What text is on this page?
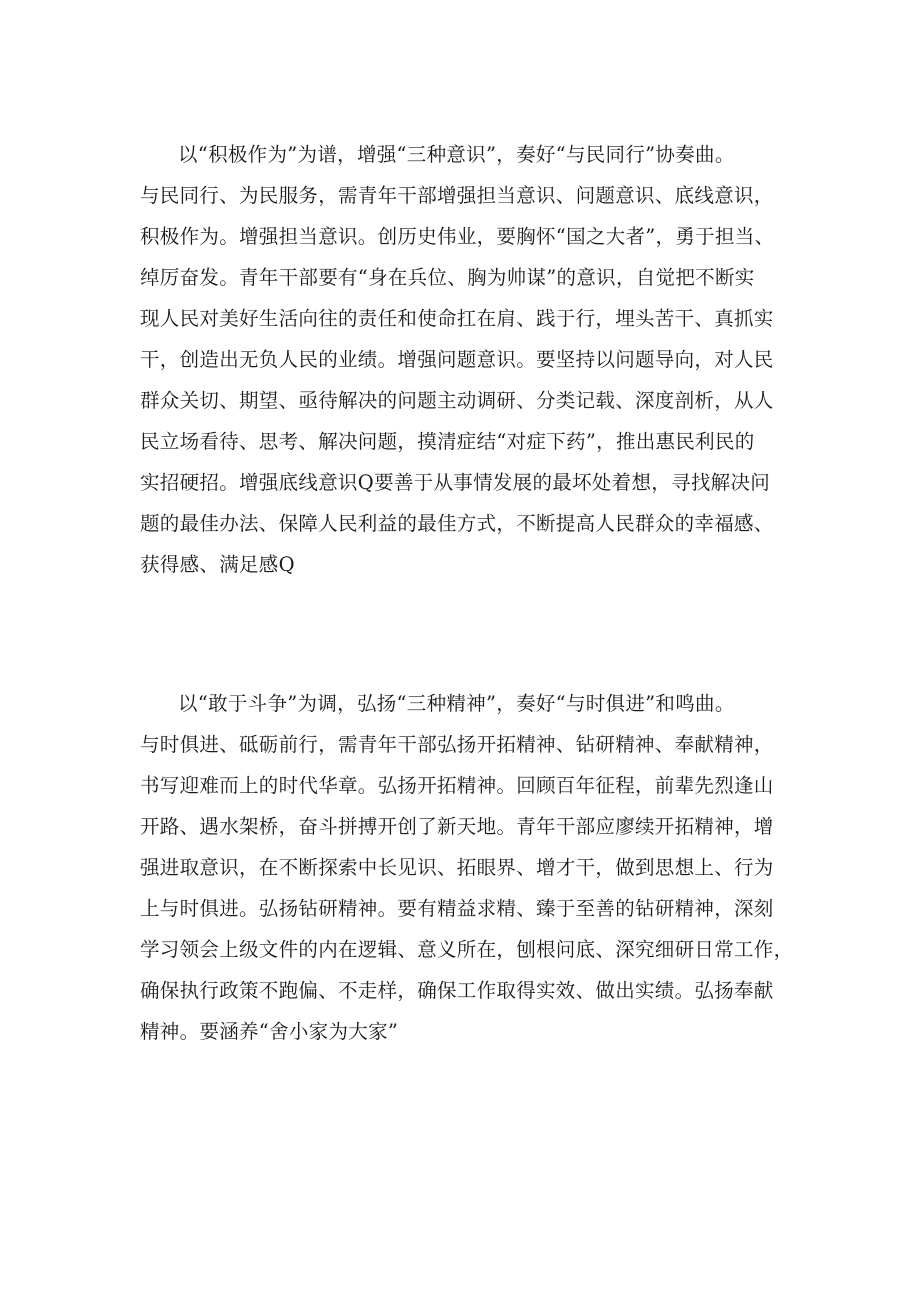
以“积极作为”为谱，增强“三种意识”，奏好“与民同行”协奏曲。
与民同行、为民服务，需青年干部增强担当意识、问题意识、底线意识，
积极作为。增强担当意识。创历史伟业，要胸怀“国之大者”，勇于担当、
绰厉奋发。青年干部要有“身在兵位、胸为帅谋”的意识，自觉把不断实
现人民对美好生活向往的责任和使命扛在肩、践于行，埋头苦干、真抓实
干，创造出无负人民的业绩。增强问题意识。要坚持以问题导向，对人民
群众关切、期望、亟待解决的问题主动调研、分类记载、深度剖析，从人
民立场看待、思考、解决问题，摸清症结“对症下药”，推出惠民利民的
实招硬招。增强底线意识Q要善于从事情发展的最坏处着想，寻找解决问
题的最佳办法、保障人民利益的最佳方式，不断提高人民群众的幸福感、
获得感、满足感Q
以“敢于斗争”为调，弘扬“三种精神”，奏好“与时俱进”和鸣曲。
与时俱进、砥砺前行，需青年干部弘扬开拓精神、钻研精神、奉献精神，
书写迎难而上的时代华章。弘扬开拓精神。回顾百年征程，前辈先烈逢山
开路、遇水架桥，奋斗拼搏开创了新天地。青年干部应廖续开拓精神，增
强进取意识，在不断探索中长见识、拓眼界、增才干，做到思想上、行为
上与时俱进。弘扬钻研精神。要有精益求精、臻于至善的钻研精神，深刻
学习领会上级文件的内在逻辑、意义所在，刨根问底、深究细研日常工作，
确保执行政策不跑偏、不走样，确保工作取得实效、做出实绩。弘扬奉献
精神。要涵养“舍小家为大家”
